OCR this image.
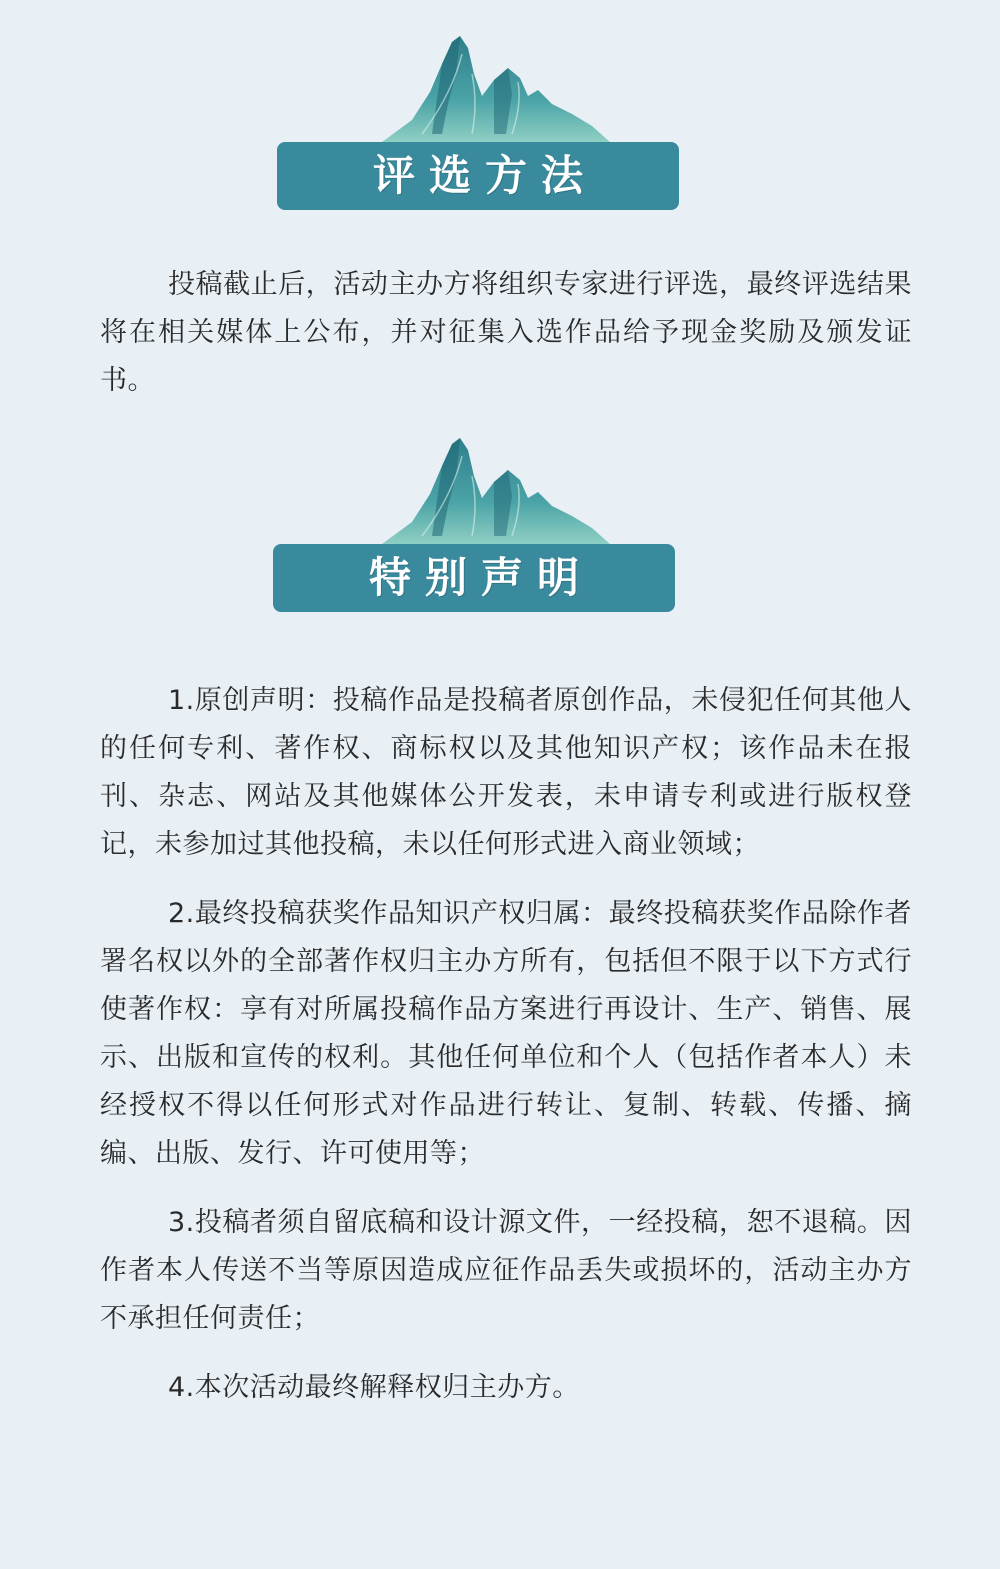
评选方法

投稿截止后，活动主办方将组织专家进行评选，最终评选结果将在相关媒体上公布，并对征集入选作品给予现金奖励及颁发证书。

特别声明

1.原创声明：投稿作品是投稿者原创作品，未侵犯任何其他人的任何专利、著作权、商标权以及其他知识产权；该作品未在报刊、杂志、网站及其他媒体公开发表，未申请专利或进行版权登记，未参加过其他投稿，未以任何形式进入商业领域；

2.最终投稿获奖作品知识产权归属：最终投稿获奖作品除作者署名权以外的全部著作权归主办方所有，包括但不限于以下方式行使著作权：享有对所属投稿作品方案进行再设计、生产、销售、展示、出版和宣传的权利。其他任何单位和个人（包括作者本人）未经授权不得以任何形式对作品进行转让、复制、转载、传播、摘编、出版、发行、许可使用等；

3.投稿者须自留底稿和设计源文件，一经投稿，恕不退稿。因作者本人传送不当等原因造成应征作品丢失或损坏的，活动主办方不承担任何责任；

4.本次活动最终解释权归主办方。
